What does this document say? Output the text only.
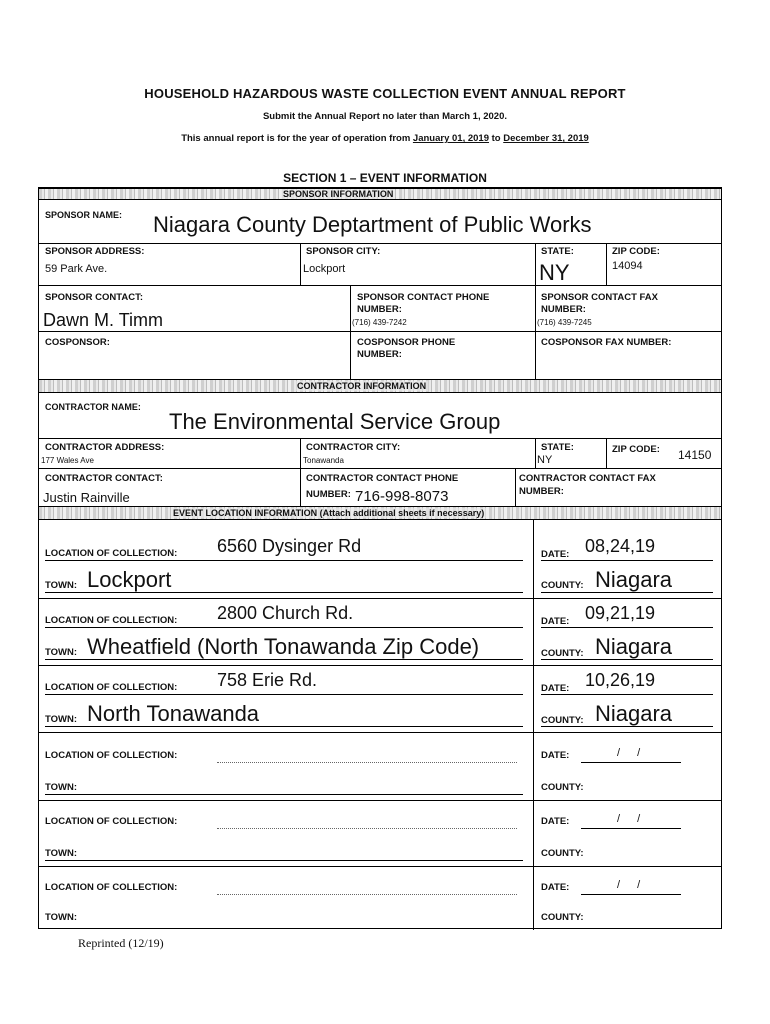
HOUSEHOLD HAZARDOUS WASTE COLLECTION EVENT ANNUAL REPORT
Submit the Annual Report no later than March 1, 2020.
This annual report is for the year of operation from January 01, 2019 to December 31, 2019
SECTION 1 – EVENT INFORMATION
SPONSOR INFORMATION
SPONSOR NAME: Niagara County Deptartment of Public Works
SPONSOR ADDRESS:
59 Park Ave.
SPONSOR CITY:
Lockport
STATE:
NY
ZIP CODE:
14094
SPONSOR CONTACT:
Dawn M. Timm
SPONSOR CONTACT PHONE
NUMBER:
(716) 439-7242
SPONSOR CONTACT FAX
NUMBER:
(716) 439-7245
COSPONSOR:	COSPONSOR PHONE
NUMBER:
COSPONSOR FAX NUMBER:
CONTRACTOR INFORMATION
CONTRACTOR NAME:
The Environmental Service Group
CONTRACTOR ADDRESS:
177 Wales Ave
CONTRACTOR CITY:
Tonawanda
STATE:
NY
ZIP CODE: 14150
CONTRACTOR CONTACT:
Justin Rainville
CONTRACTOR CONTACT PHONE
NUMBER: 716-998-8073
CONTRACTOR CONTACT FAX
NUMBER:
EVENT LOCATION INFORMATION (Attach additional sheets if necessary)
LOCATION OF COLLECTION: 6560 Dysinger Rd	DATE: 08,24,19
TOWN: Lockport	COUNTY: Niagara
LOCATION OF COLLECTION: 2800 Church Rd.	DATE: 09,21,19
TOWN: Wheatfield (North Tonawanda Zip Code)	COUNTY: Niagara
LOCATION OF COLLECTION: 758 Erie Rd.	DATE: 10,26,19
TOWN: North Tonawanda	COUNTY: Niagara
LOCATION OF COLLECTION:	DATE:	/ /
TOWN:	COUNTY:
LOCATION OF COLLECTION:	DATE:	/ /
TOWN:	COUNTY:
LOCATION OF COLLECTION:	DATE:	/ /
TOWN:	COUNTY:
Reprinted (12/19)
